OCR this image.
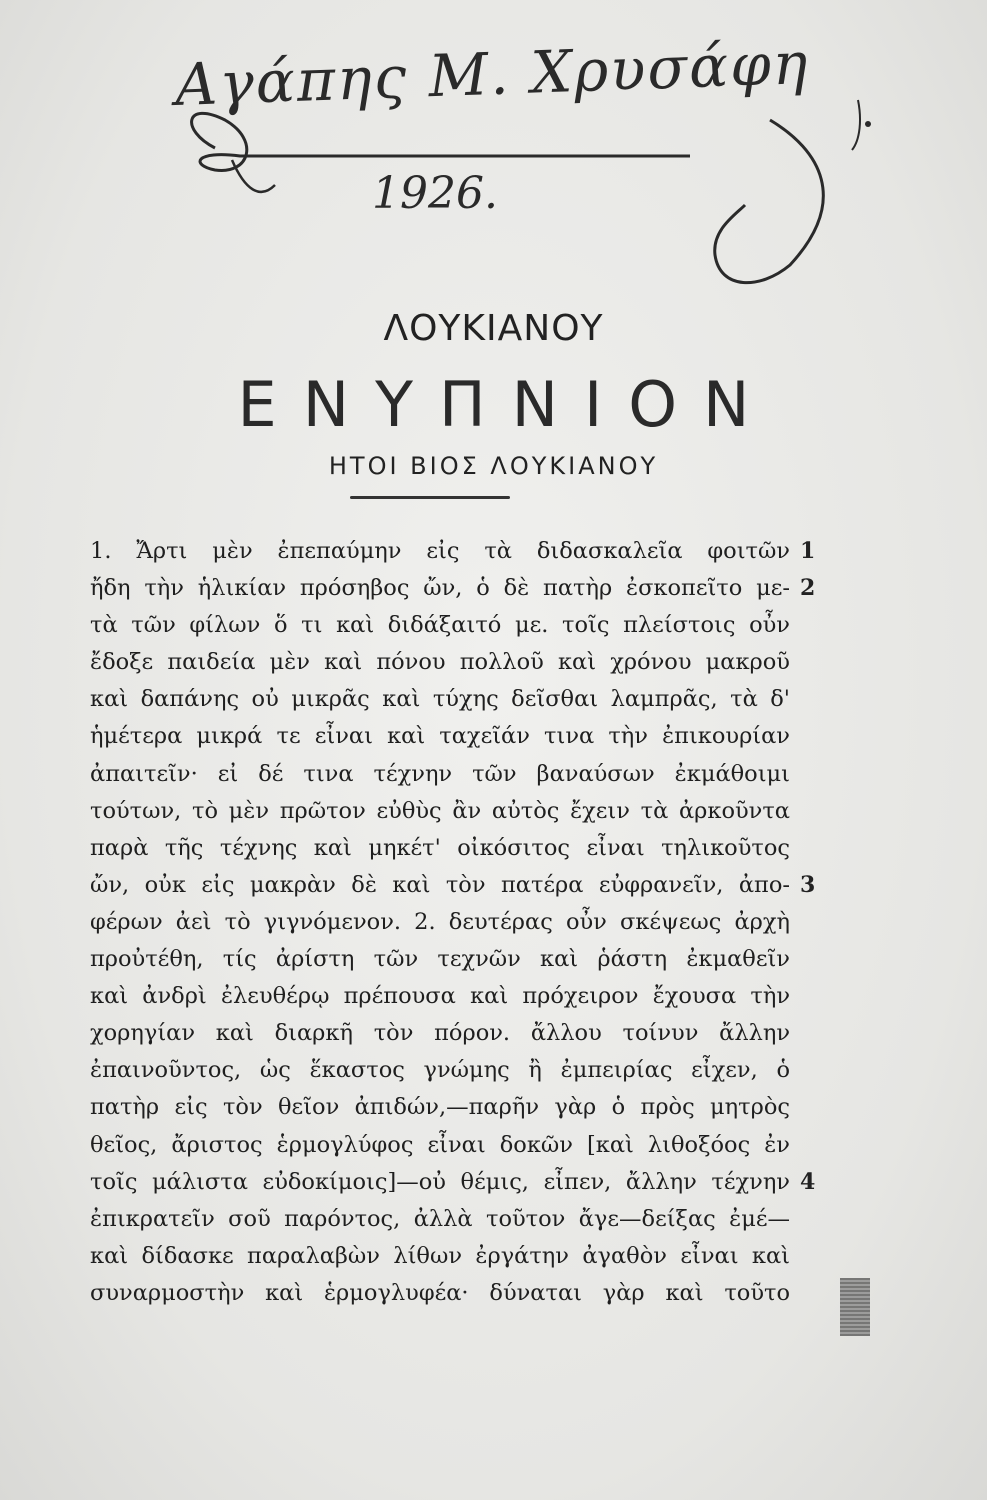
Αγάπης Μ. Χρυσάφη
1926.
ΛΟΥΚΙΑΝΟΥ
ΕΝΥΠΝΙΟΝ
ΗΤΟΙ ΒΙΟΣ ΛΟΥΚΙΑΝΟΥ
1. Ἄρτι μὲν ἐπεπαύμην εἰς τὰ διδασκαλεῖα φοιτῶν
ἤδη τὴν ἡλικίαν πρόσηβος ὤν, ὁ δὲ πατὴρ ἐσκοπεῖτο με-
τὰ τῶν φίλων ὅ τι καὶ διδάξαιτό με. τοῖς πλείστοις οὖν
ἔδοξε παιδεία μὲν καὶ πόνου πολλοῦ καὶ χρόνου μακροῦ
καὶ δαπάνης οὐ μικρᾶς καὶ τύχης δεῖσθαι λαμπρᾶς, τὰ δ'
ἡμέτερα μικρά τε εἶναι καὶ ταχεῖάν τινα τὴν ἐπικουρίαν
ἀπαιτεῖν· εἰ δέ τινα τέχνην τῶν βαναύσων ἐκμάθοιμι
τούτων, τὸ μὲν πρῶτον εὐθὺς ἂν αὐτὸς ἔχειν τὰ ἀρκοῦντα
παρὰ τῆς τέχνης καὶ μηκέτ' οἰκόσιτος εἶναι τηλικοῦτος
ὤν, οὐκ εἰς μακρὰν δὲ καὶ τὸν πατέρα εὐφρανεῖν, ἀπο-
φέρων ἀεὶ τὸ γιγνόμενον. 2. δευτέρας οὖν σκέψεως ἀρχὴ
προὐτέθη, τίς ἀρίστη τῶν τεχνῶν καὶ ῥάστη ἐκμαθεῖν
καὶ ἀνδρὶ ἐλευθέρῳ πρέπουσα καὶ πρόχειρον ἔχουσα τὴν
χορηγίαν καὶ διαρκῆ τὸν πόρον. ἄλλου τοίνυν ἄλλην
ἐπαινοῦντος, ὡς ἕκαστος γνώμης ἢ ἐμπειρίας εἶχεν, ὁ
πατὴρ εἰς τὸν θεῖον ἀπιδών,—παρῆν γὰρ ὁ πρὸς μητρὸς
θεῖος, ἄριστος ἑρμογλύφος εἶναι δοκῶν [καὶ λιθοξόος ἐν
τοῖς μάλιστα εὐδοκίμοις]—οὐ θέμις, εἶπεν, ἄλλην τέχνην
ἐπικρατεῖν σοῦ παρόντος, ἀλλὰ τοῦτον ἄγε—δείξας ἐμέ—
καὶ δίδασκε παραλαβὼν λίθων ἐργάτην ἀγαθὸν εἶναι καὶ
συναρμοστὴν καὶ ἑρμογλυφέα· δύναται γὰρ καὶ τοῦτο
1
2
3
4
